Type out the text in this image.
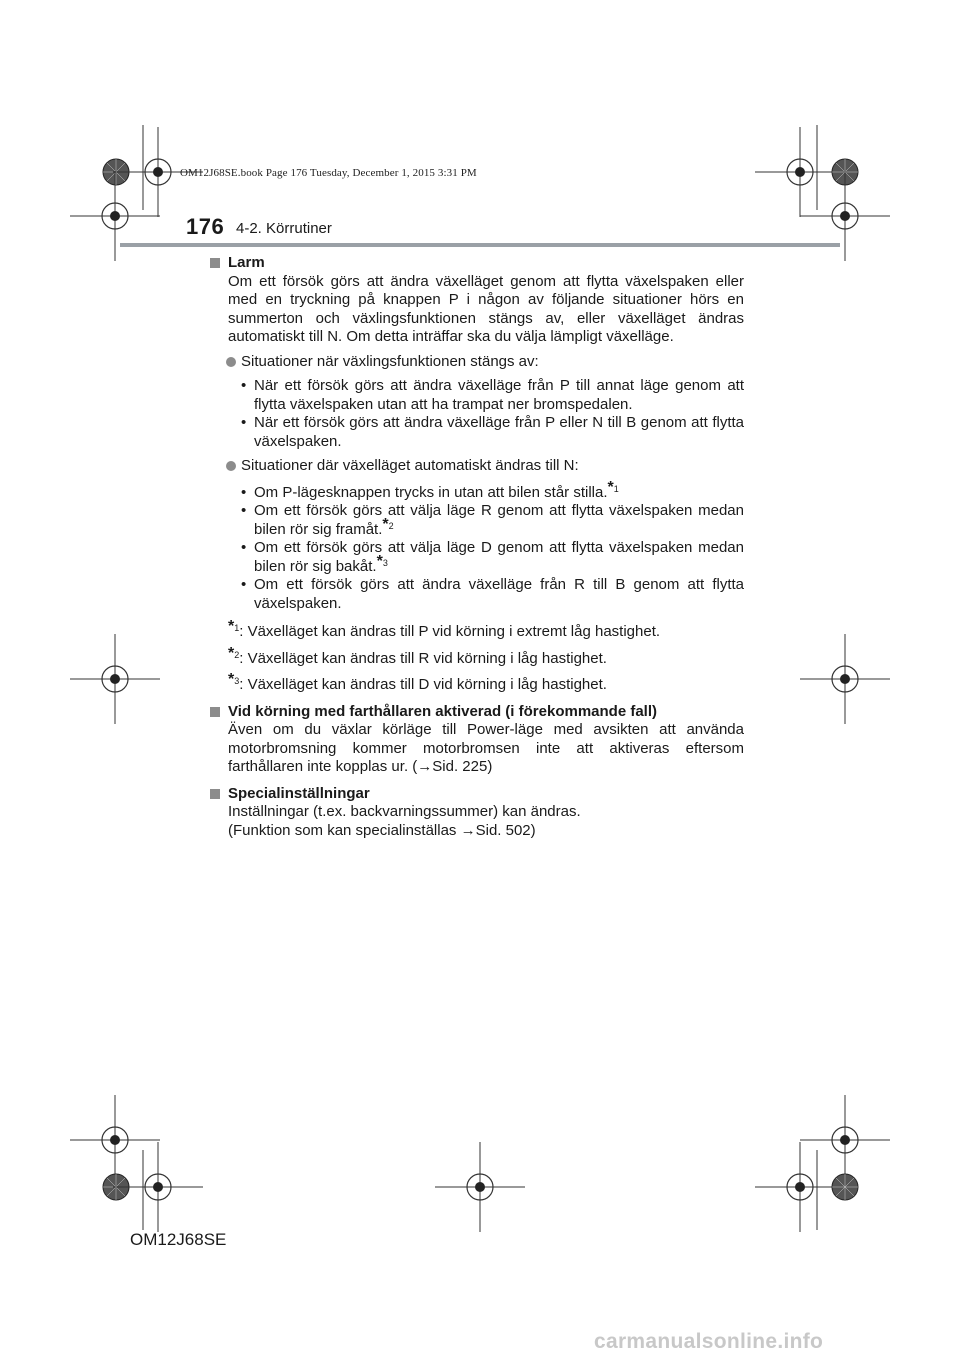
OM12J68SE.book Page 176 Tuesday, December 1, 2015 3:31 PM
176 4-2. Körrutiner
Larm
Om ett försök görs att ändra växelläget genom att flytta växelspaken eller med en tryckning på knappen P i någon av följande situationer hörs en summerton och växlingsfunktionen stängs av, eller växelläget ändras automatiskt till N. Om detta inträffar ska du välja lämpligt växelläge.
Situationer när växlingsfunktionen stängs av:
• När ett försök görs att ändra växelläge från P till annat läge genom att flytta växelspaken utan att ha trampat ner bromspedalen.
• När ett försök görs att ändra växelläge från P eller N till B genom att flytta växelspaken.
Situationer där växelläget automatiskt ändras till N:
• Om P-lägesknappen trycks in utan att bilen står stilla.*$^1$
• Om ett försök görs att välja läge R genom att flytta växelspaken medan bilen rör sig framåt.*$^2$
• Om ett försök görs att välja läge D genom att flytta växelspaken medan bilen rör sig bakåt.*$^3$
• Om ett försök görs att ändra växelläge från R till B genom att flytta växelspaken.
*$^1$: Växelläget kan ändras till P vid körning i extremt låg hastighet.
*$^2$: Växelläget kan ändras till R vid körning i låg hastighet.
*$^3$: Växelläget kan ändras till D vid körning i låg hastighet.
Vid körning med farthållaren aktiverad (i förekommande fall)
Även om du växlar körläge till Power-läge med avsikten att använda motorbromsning kommer motorbromsen inte att aktiveras eftersom farthållaren inte kopplas ur. (→Sid. 225)
Specialinställningar
Inställningar (t.ex. backvarningssummer) kan ändras.
(Funktion som kan specialinställas →Sid. 502)
OM12J68SE
carmanualsonline.info
